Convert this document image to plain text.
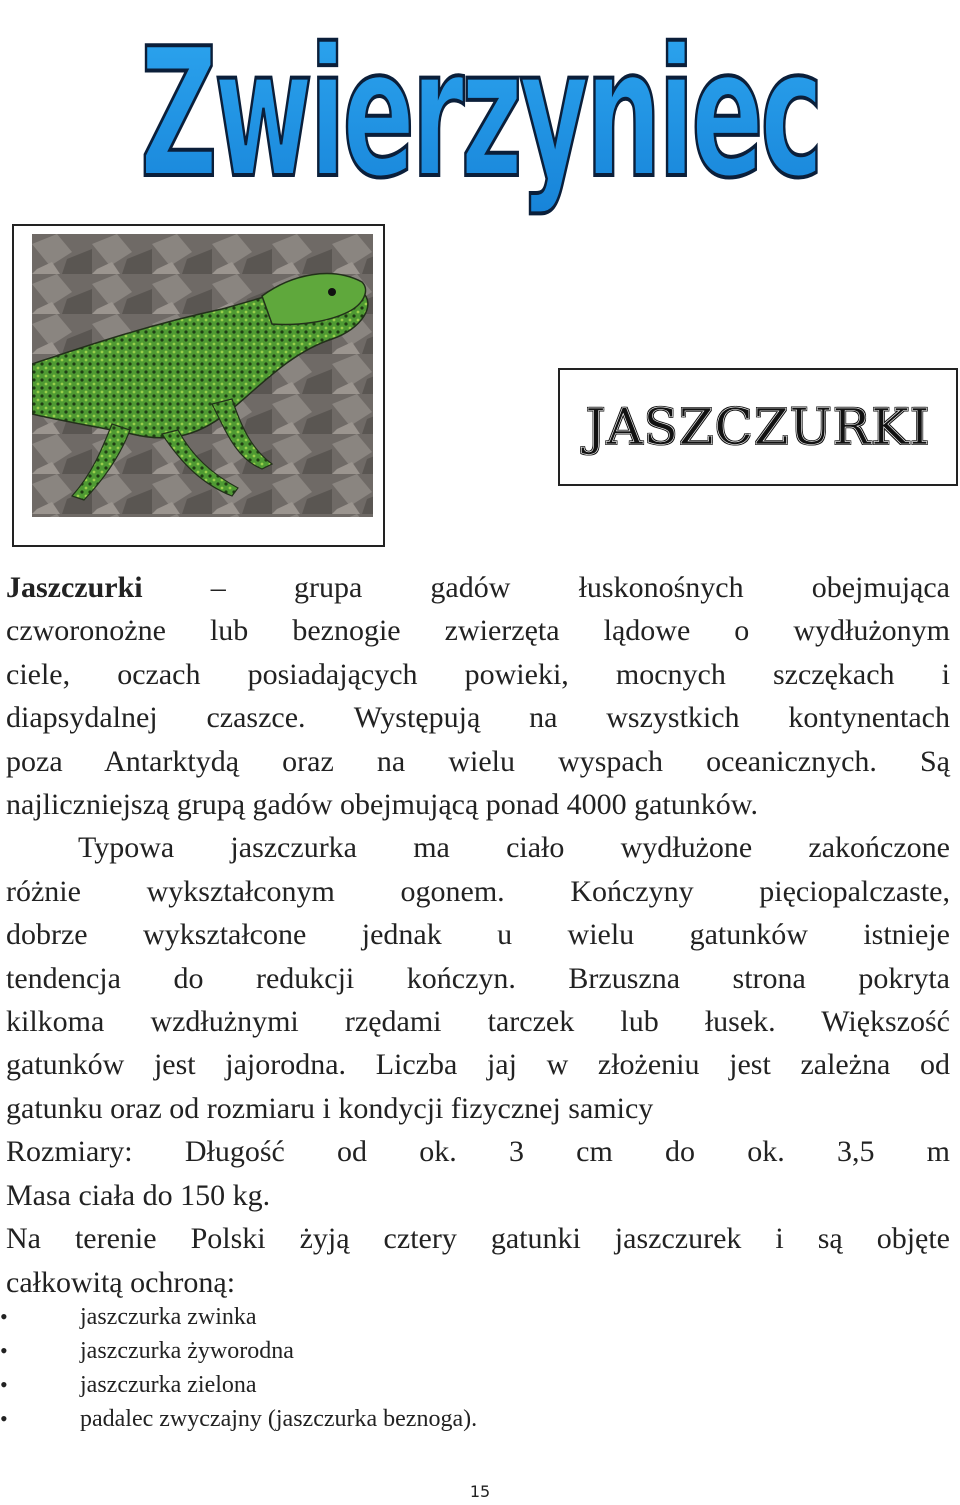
Zwierzyniec
JASZCZURKI

Jaszczurki – grupa gadów łuskonośnych obejmująca
czworonożne lub beznogie zwierzęta lądowe o wydłużonym
ciele, oczach posiadających powieki, mocnych szczękach i
diapsydalnej czaszce. Występują na wszystkich kontynentach
poza Antarktydą oraz na wielu wyspach oceanicznych. Są
najliczniejszą grupą gadów obejmującą ponad 4000 gatunków.

Typowa jaszczurka ma ciało wydłużone zakończone
różnie wykształconym ogonem. Kończyny pięciopalczaste,
dobrze wykształcone jednak u wielu gatunków istnieje
tendencja do redukcji kończyn. Brzuszna strona pokryta
kilkoma wzdłużnymi rzędami tarczek lub łusek. Większość
gatunków jest jajorodna. Liczba jaj w złożeniu jest zależna od
gatunku oraz od rozmiaru i kondycji fizycznej samicy
Rozmiary: Długość od ok. 3 cm do ok. 3,5 m
Masa ciała do 150 kg.

Na terenie Polski żyją cztery gatunki jaszczurek i są objęte
całkowitą ochroną:

• jaszczurka zwinka
• jaszczurka żyworodna
• jaszczurka zielona
• padalec zwyczajny (jaszczurka beznoga).
15
